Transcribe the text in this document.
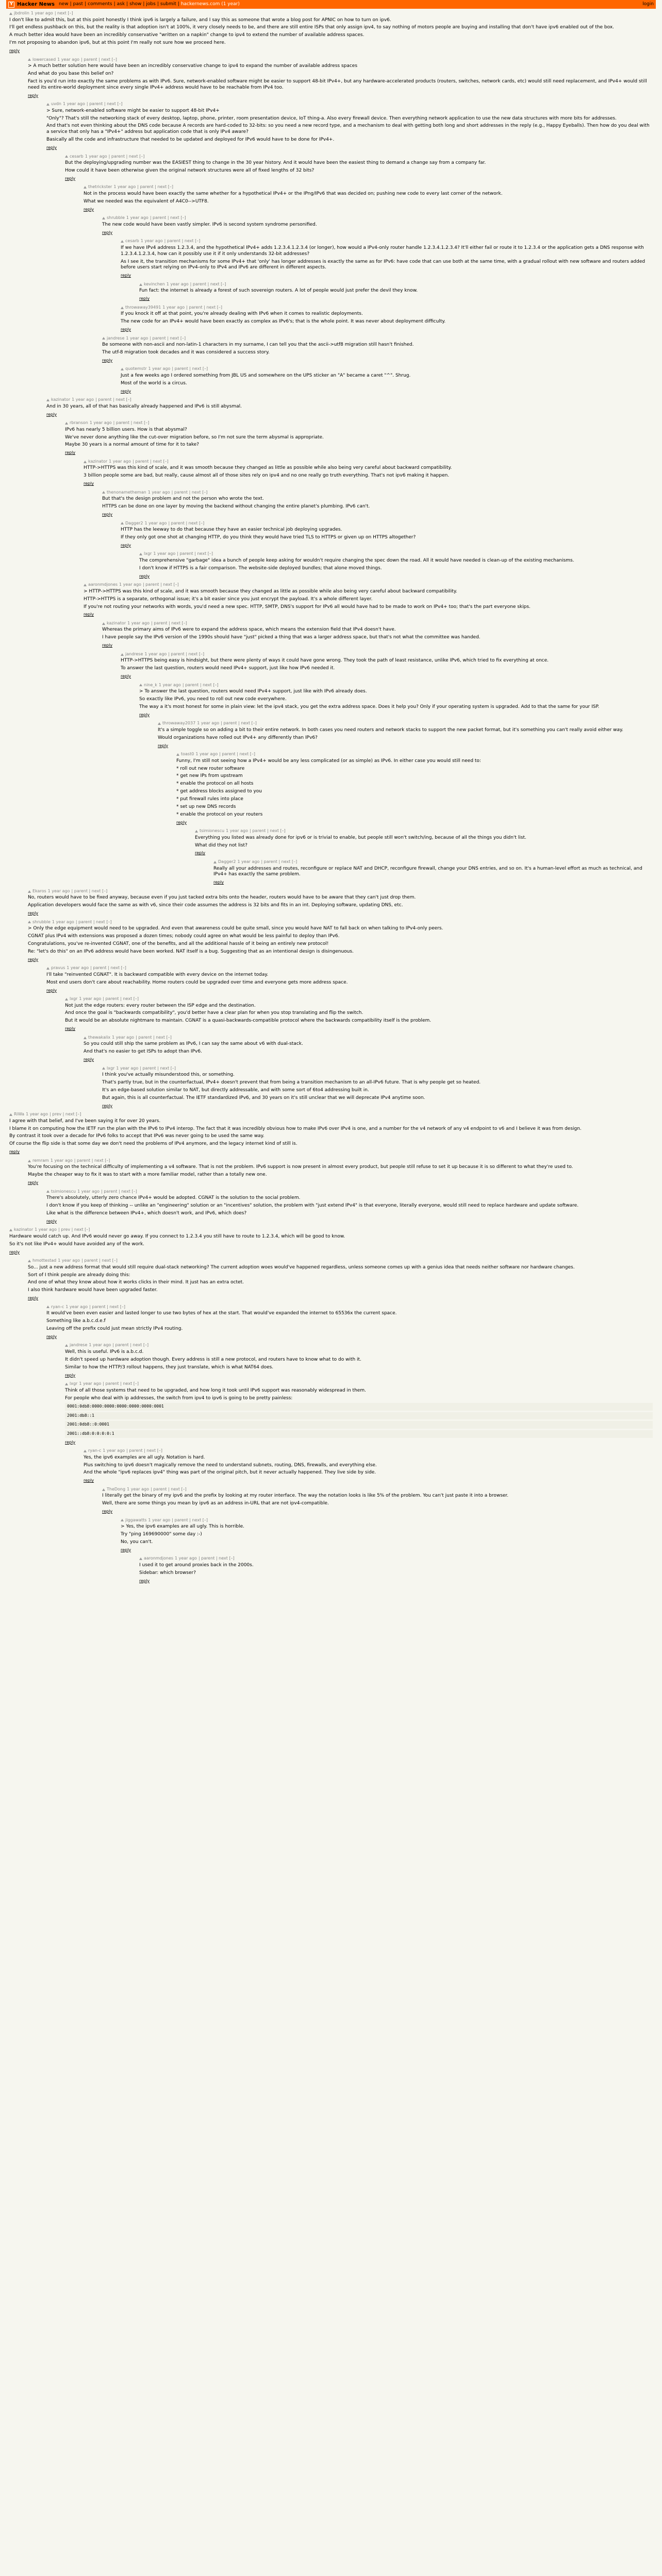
Y Hacker News new | past | comments | ask | show | jobs | submit | hackernews.com (1 year)	login
jbdrolin 1 year ago | next [–]

I don't like to admit this, but at this point honestly I think ipv6 is largely a failure, and I say this as someone that wrote a blog post for APNIC on how to turn on ipv6.

I'll get endless pushback on this, but the reality is that adoption isn't at 100%, it very closely needs to be, and there are still entire ISPs that only assign ipv4, to say nothing of motors people are buying and installing that don't have ipv6 enabled out of the box.

A much better idea would have been an incredibly conservative "written on a napkin" change to ipv4 to extend the number of available address spaces.

I'm not proposing to abandon ipv6, but at this point I'm really not sure how we proceed here.

reply
lowercased 1 year ago | parent | next [–]

> A much better solution here would have been an incredibly conservative change to ipv4 to expand the number of available address spaces

And what do you base this belief on?

Fact is you'd run into exactly the same problems as with IPv6. Sure, network-enabled software might be easier to support 48-bit IPv4+, but any hardware-accelerated products (routers, switches, network cards, etc) would still need replacement, and IPv4+ would still need its entire-world deployment since every single IPv4+ address would have to be reachable from IPv4 too.

reply
uvdn 1 year ago | parent | next [–]

> Sure, network-enabled software might be easier to support 48-bit IPv4+

"Only"? That's still the networking stack of every desktop, laptop, phone, printer, room presentation device, IoT thing-a. Also every firewall device. Then everything network application to use the new data structures with more bits for addresses.

And that's not even thinking about the DNS code because A records are hard-coded to 32-bits: so you need a new record type, and a mechanism to deal with getting both long and short addresses in the reply (e.g., Happy Eyeballs). Then how do you deal with a service that only has a "IPv4+" address but application code that is only IPv4 aware?

Basically all the code and infrastructure that needed to be updated and deployed for IPv6 would have to be done for IPv4+.

reply
cesarb 1 year ago | parent | next [–]

But the deploying/upgrading number was the EASIEST thing to change in the 30 year history. And it would have been the easiest thing to demand a change say from a company far.

How could it have been otherwise given the original network structures were all of fixed lengths of 32 bits?

reply
thetrickster 1 year ago | parent | next [–]

Not in the process would have been exactly the same whether for a hypothetical IPv4+ or the IPng/IPv6 that was decided on; pushing new code to every last corner of the network.

What we needed was the equivalent of A4C0-->UTF8.

reply
shrubble 1 year ago | parent | next [–]

The new code would have been vastly simpler. IPv6 is second system syndrome personified.

reply
cesarb 1 year ago | parent | next [–]

If we have IPv4 address 1.2.3.4, and the hypothetical IPv4+ adds 1.2.3.4.1.2.3.4 (or longer), how would a IPv4-only router handle 1.2.3.4.1.2.3.4? It'll either fail or route it to 1.2.3.4 or the application gets a DNS response with 1.2.3.4.1.2.3.4, how can it possibly use it if it only understands 32-bit addresses?

As I see it, the transition mechanisms for some IPv4+ that 'only' has longer addresses is exactly the same as for IPv6: have code that can use both at the same time, with a gradual rollout with new software and routers added before users start relying on IPv4-only to IPv4 and IPv6 are different in different aspects.

reply
kevinchen 1 year ago | parent | next [–]

Fun fact: the internet is already a forest of such sovereign routers. A lot of people would just prefer the devil they know.

reply
throwaway39491 1 year ago | parent | next [–]

If you knock it off at that point, you're already dealing with IPv6 when it comes to realistic deployments.

The new code for an IPv4+ would have been exactly as complex as IPv6's; that is the whole point. It was never about deployment difficulty.

reply
jandrese 1 year ago | parent | next [–]

Be someone with non-ascii and non-latin-1 characters in my surname, I can tell you that the ascii->utf8 migration still hasn't finished.

The utf-8 migration took decades and it was considered a success story.

reply
quotemstr 1 year ago | parent | next [–]

Just a few weeks ago I ordered something from JBL US and somewhere on the UPS sticker an "A" became a caret "^". Shrug.

Most of the world is a circus.

reply
kazinator 1 year ago | parent | next [–]

And in 30 years, all of that has basically already happened and IPv6 is still abysmal.

reply
rbranson 1 year ago | parent | next [–]

IPv6 has nearly 5 billion users. How is that abysmal?

We've never done anything like the cut-over migration before, so I'm not sure the term abysmal is appropriate.

Maybe 30 years is a normal amount of time for it to take?

reply
kazinator 1 year ago | parent | next [–]

HTTP->HTTPS was this kind of scale, and it was smooth because they changed as little as possible while also being very careful about backward compatibility.

3 billion people some are bad, but really, cause almost all of those sites rely on ipv4 and no one really go truth everything. That's not ipv6 making it happen.

reply
thenonametheman 1 year ago | parent | next [–]

But that's the design problem and not the person who wrote the text.

HTTPS can be done on one layer by moving the backend without changing the entire planet's plumbing. IPv6 can't.

reply
Dagger2 1 year ago | parent | next [–]

HTTP has the leeway to do that because they have an easier technical job deploying upgrades.

If they only got one shot at changing HTTP, do you think they would have tried TLS to HTTPS or given up on HTTPS altogether?

reply
lxgr 1 year ago | parent | next [–]

The comprehensive "garbage" idea a bunch of people keep asking for wouldn't require changing the spec down the road. All it would have needed is clean-up of the existing mechanisms.

I don't know if HTTPS is a fair comparison. The website-side deployed bundles; that alone moved things.

reply
aaronmdjones 1 year ago | parent | next [–]

> HTTP->HTTPS was this kind of scale, and it was smooth because they changed as little as possible while also being very careful about backward compatibility.

HTTP->HTTPS is a separate, orthogonal issue; it's a bit easier since you just encrypt the payload. It's a whole different layer.

If you're not routing your networks with words, you'd need a new spec. HTTP, SMTP, DNS's support for IPv6 all would have had to be made to work on IPv4+ too; that's the part everyone skips.

reply
kazinator 1 year ago | parent | next [–]

Whereas the primary aims of IPv6 were to expand the address space, which means the extension field that IPv4 doesn't have.

I have people say the IPv6 version of the 1990s should have "just" picked a thing that was a larger address space, but that's not what the committee was handed.

reply
jandrese 1 year ago | parent | next [–]

HTTP->HTTPS being easy is hindsight, but there were plenty of ways it could have gone wrong. They took the path of least resistance, unlike IPv6, which tried to fix everything at once.

To answer the last question, routers would need IPv4+ support, just like how IPv6 needed it.

reply
nine_k 1 year ago | parent | next [–]

> To answer the last question, routers would need IPv4+ support, just like with IPv6 already does.

So exactly like IPv6, you need to roll out new code everywhere.

The way a it's most honest for some in plain view: let the ipv4 stack, you get the extra address space. Does it help you? Only if your operating system is upgraded. Add to that the same for your ISP.

reply
throwaway2037 1 year ago | parent | next [–]

It's a simple toggle so on adding a bit to their entire network. In both cases you need routers and network stacks to support the new packet format, but it's something you can't really avoid either way.

Would organizations have rolled out IPv4+ any differently than IPv6?

reply
toast0 1 year ago | parent | next [–]

Funny, I'm still not seeing how a IPv4+ would be any less complicated (or as simple) as IPv6. In either case you would still need to:

* roll out new router software

* get new IPs from upstream

* enable the protocol on all hosts

* get address blocks assigned to you

* put firewall rules into place

* set up new DNS records

* enable the protocol on your routers

reply
tsimionescu 1 year ago | parent | next [–]

Everything you listed was already done for ipv6 or is trivial to enable, but people still won't switch/ing, because of all the things you didn't list.

What did they not list?

reply
Dagger2 1 year ago | parent | next [–]

Really all your addresses and routes, reconfigure or replace NAT and DHCP, reconfigure firewall, change your DNS entries, and so on. It's a human-level effort as much as technical, and IPv4+ has exactly the same problem.

reply
Ekaros 1 year ago | parent | next [–]

No, routers would have to be fixed anyway, because even if you just tacked extra bits onto the header, routers would have to be aware that they can't just drop them.

Application developers would face the same as with v6, since their code assumes the address is 32 bits and fits in an int. Deploying software, updating DNS, etc.

reply
shrubble 1 year ago | parent | next [–]

> Only the edge equipment would need to be upgraded. And even that awareness could be quite small, since you would have NAT to fall back on when talking to IPv4-only peers.

CGNAT plus IPv4 with extensions was proposed a dozen times; nobody could agree on what would be less painful to deploy than IPv6.

Congratulations, you've re-invented CGNAT, one of the benefits, and all the additional hassle of it being an entirely new protocol!

Re: "let's do this" on an IPv6 address would have been worked. NAT itself is a bug. Suggesting that as an intentional design is disingenuous.

reply
pravus 1 year ago | parent | next [–]

I'll take "reinvented CGNAT". It is backward compatible with every device on the internet today.

Most end users don't care about reachability. Home routers could be upgraded over time and everyone gets more address space.

reply
lxgr 1 year ago | parent | next [–]

Not just the edge routers: every router between the ISP edge and the destination.

And once the goal is "backwards compatibility", you'd better have a clear plan for when you stop translating and flip the switch.

But it would be an absolute nightmare to maintain. CGNAT is a quasi-backwards-compatible protocol where the backwards compatibility itself is the problem.

reply
thewakalix 1 year ago | parent | next [–]

So you could still ship the same problem as IPv6, I can say the same about v6 with dual-stack.

And that's no easier to get ISPs to adopt than IPv6.

reply
lxgr 1 year ago | parent | next [–]

I think you've actually misunderstood this, or something.

That's partly true, but in the counterfactual, IPv4+ doesn't prevent that from being a transition mechanism to an all-IPv6 future. That is why people get so heated.

It's an edge-based solution similar to NAT, but directly addressable, and with some sort of 6to4 addressing built in.

But again, this is all counterfactual. The IETF standardized IPv6, and 30 years on it's still unclear that we will deprecate IPv4 anytime soon.

reply
RiWa 1 year ago | prev | next [–]

I agree with that belief, and I've been saying it for over 20 years.

I blame it on computing how the IETF run the plan with the IPv6 to IPv4 interop. The fact that it was incredibly obvious how to make IPv6 over IPv4 is one, and a number for the v4 network of any v4 endpoint to v6 and I believe it was from design.

By contrast it took over a decade for IPv6 folks to accept that IPv6 was never going to be used the same way.

Of course the flip side is that some day we don't need the problems of IPv4 anymore, and the legacy internet kind of still is.

reply
remram 1 year ago | parent | next [–]

You're focusing on the technical difficulty of implementing a v4 software. That is not the problem. IPv6 support is now present in almost every product, but people still refuse to set it up because it is so different to what they're used to.

Maybe the cheaper way to fix it was to start with a more familiar model, rather than a totally new one.

reply
tsimionescu 1 year ago | parent | next [–]

There's absolutely, utterly zero chance IPv4+ would be adopted. CGNAT is the solution to the social problem.

I don't know if you keep of thinking -- unlike an "engineering" solution or an "incentives" solution, the problem with "just extend IPv4" is that everyone, literally everyone, would still need to replace hardware and update software.

Like what is the difference between IPv4+, which doesn't work, and IPv6, which does?

reply
kazinator 1 year ago | prev | next [–]

Hardware would catch up. And IPv6 would never go away. If you connect to 1.2.3.4 you still have to route to 1.2.3.4, which will be good to know.

So it's not like IPv4+ would have avoided any of the work.

reply
hmottestad 1 year ago | parent | next [–]

So... just a new address format that would still require dual-stack networking? The current adoption woes would've happened regardless, unless someone comes up with a genius idea that needs neither software nor hardware changes.

Sort of I think people are already doing this:

And one of what they know about how it works clicks in their mind. It just has an extra octet.

I also think hardware would have been upgraded faster.

reply
ryan-c 1 year ago | parent | next [–]

It would've been even easier and lasted longer to use two bytes of hex at the start. That would've expanded the internet to 65536x the current space.

Something like a.b.c.d.e.f

Leaving off the prefix could just mean strictly IPv4 routing.

reply
jandrese 1 year ago | parent | next [–]

Well, this is useful. IPv6 is a.b.c.d.

It didn't speed up hardware adoption though. Every address is still a new protocol, and routers have to know what to do with it.

Similar to how the HTTP/3 rollout happens, they just translate, which is what NAT64 does.

reply
lxgr 1 year ago | parent | next [–]

Think of all those systems that need to be upgraded, and how long it took until IPv6 support was reasonably widespread in them.

For people who deal with ip addresses, the switch from ipv4 to ipv6 is going to be pretty painless:

0001:0db8:0000:0000:0000:0000:0000:0001
2001:db8::1
2001:0db8::0:0001
2001::db8:0:0:0:0:1
reply
ryan-c 1 year ago | parent | next [–]

Yes, the ipv6 examples are all ugly. Notation is hard.

Plus switching to ipv6 doesn't magically remove the need to understand subnets, routing, DNS, firewalls, and everything else.

And the whole "ipv6 replaces ipv4" thing was part of the original pitch, but it never actually happened. They live side by side.

reply
TheDong 1 year ago | parent | next [–]

I literally get the binary of my ipv6 and the prefix by looking at my router interface. The way the notation looks is like 5% of the problem. You can't just paste it into a browser.

Well, there are some things you mean by ipv6 as an address in-URL that are not ipv4-compatible.

reply
jiggawatts 1 year ago | parent | next [–]

> Yes, the ipv6 examples are all ugly. This is horrible.

Try "ping 169690000" some day :-)

No, you can't.

reply
aaronmdjones 1 year ago | parent | next [–]

I used it to get around proxies back in the 2000s.

Sidebar: which browser?

reply
